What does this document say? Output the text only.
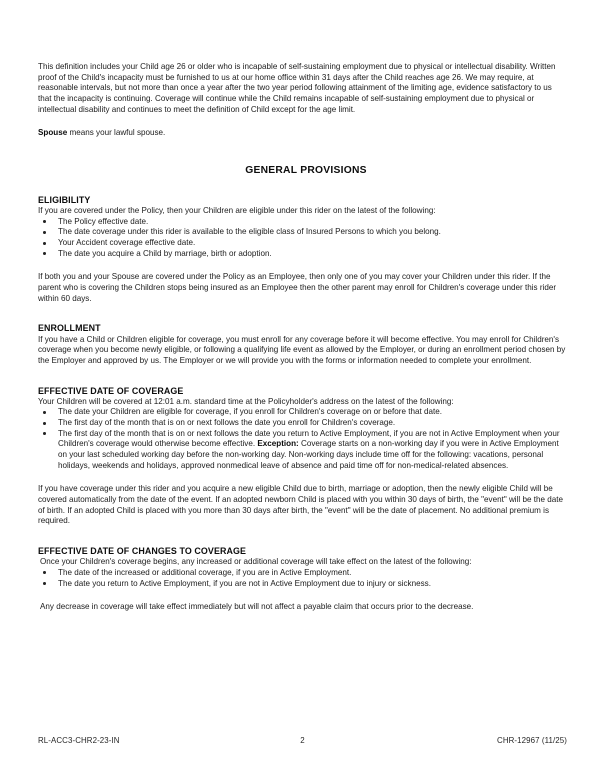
This definition includes your Child age 26 or older who is incapable of self-sustaining employment due to physical or intellectual disability. Written proof of the Child's incapacity must be furnished to us at our home office within 31 days after the Child reaches age 26. We may require, at reasonable intervals, but not more than once a year after the two year period following attainment of the limiting age, evidence satisfactory to us that the incapacity is continuing. Coverage will continue while the Child remains incapable of self-sustaining employment due to physical or intellectual disability and continues to meet the definition of Child except for the age limit.

Spouse means your lawful spouse.

GENERAL PROVISIONS
ELIGIBILITY

If you are covered under the Policy, then your Children are eligible under this rider on the latest of the following:

The Policy effective date.
The date coverage under this rider is available to the eligible class of Insured Persons to which you belong.
Your Accident coverage effective date.
The date you acquire a Child by marriage, birth or adoption.

If both you and your Spouse are covered under the Policy as an Employee, then only one of you may cover your Children under this rider. If the parent who is covering the Children stops being insured as an Employee then the other parent may enroll for Children's coverage under this rider within 60 days.

ENROLLMENT

If you have a Child or Children eligible for coverage, you must enroll for any coverage before it will become effective. You may enroll for Children's coverage when you become newly eligible, or following a qualifying life event as allowed by the Employer, or during an enrollment period chosen by the Employer and approved by us. The Employer or we will provide you with the forms or information needed to complete your enrollment.

EFFECTIVE DATE OF COVERAGE

Your Children will be covered at 12:01 a.m. standard time at the Policyholder's address on the latest of the following:

The date your Children are eligible for coverage, if you enroll for Children's coverage on or before that date.
The first day of the month that is on or next follows the date you enroll for Children's coverage.
The first day of the month that is on or next follows the date you return to Active Employment, if you are not in Active Employment when your Children's coverage would otherwise become effective. Exception: Coverage starts on a non-working day if you were in Active Employment on your last scheduled working day before the non-working day. Non-working days include time off for the following: vacations, personal holidays, weekends and holidays, approved nonmedical leave of absence and paid time off for non-medical-related absences.

If you have coverage under this rider and you acquire a new eligible Child due to birth, marriage or adoption, then the newly eligible Child will be covered automatically from the date of the event. If an adopted newborn Child is placed with you within 30 days of birth, the "event" will be the date of birth. If an adopted Child is placed with you more than 30 days after birth, the "event" will be the date of placement. No additional premium is required.

EFFECTIVE DATE OF CHANGES TO COVERAGE

Once your Children's coverage begins, any increased or additional coverage will take effect on the latest of the following:

The date of the increased or additional coverage, if you are in Active Employment.
The date you return to Active Employment, if you are not in Active Employment due to injury or sickness.

Any decrease in coverage will take effect immediately but will not affect a payable claim that occurs prior to the decrease.

RL-ACC3-CHR2-23-IN	2	CHR-12967 (11/25)
